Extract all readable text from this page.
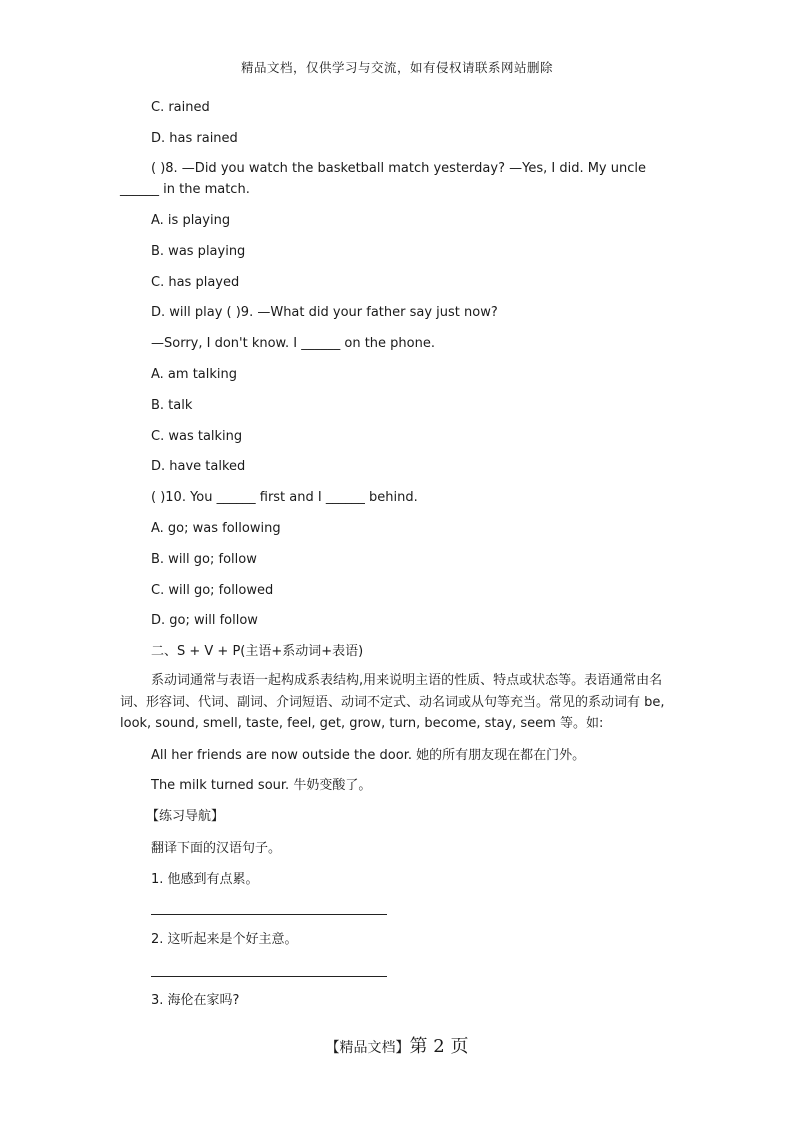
精品文档，仅供学习与交流，如有侵权请联系网站删除
C. rained
D. has rained
( )8. —Did you watch the basketball match yesterday? —Yes, I did. My uncle
______ in the match.
A. is playing
B. was playing
C. has played
D. will play ( )9. —What did your father say just now?
—Sorry, I don't know. I ______ on the phone.
A. am talking
B. talk
C. was talking
D. have talked
( )10. You ______ first and I ______ behind.
A. go; was following
B. will go; follow
C. will go; followed
D. go; will follow
二、S + V + P(主语+系动词+表语)
系动词通常与表语一起构成系表结构,用来说明主语的性质、特点或状态等。表语通常由名词、形容词、代词、副词、介词短语、动词不定式、动名词或从句等充当。常见的系动词有 be, look, sound, smell, taste, feel, get, grow, turn, become, stay, seem 等。如:
All her friends are now outside the door. 她的所有朋友现在都在门外。
The milk turned sour. 牛奶变酸了。
【练习导航】
翻译下面的汉语句子。
1. 他感到有点累。
2. 这听起来是个好主意。
3. 海伦在家吗?
【精品文档】第 2 页
